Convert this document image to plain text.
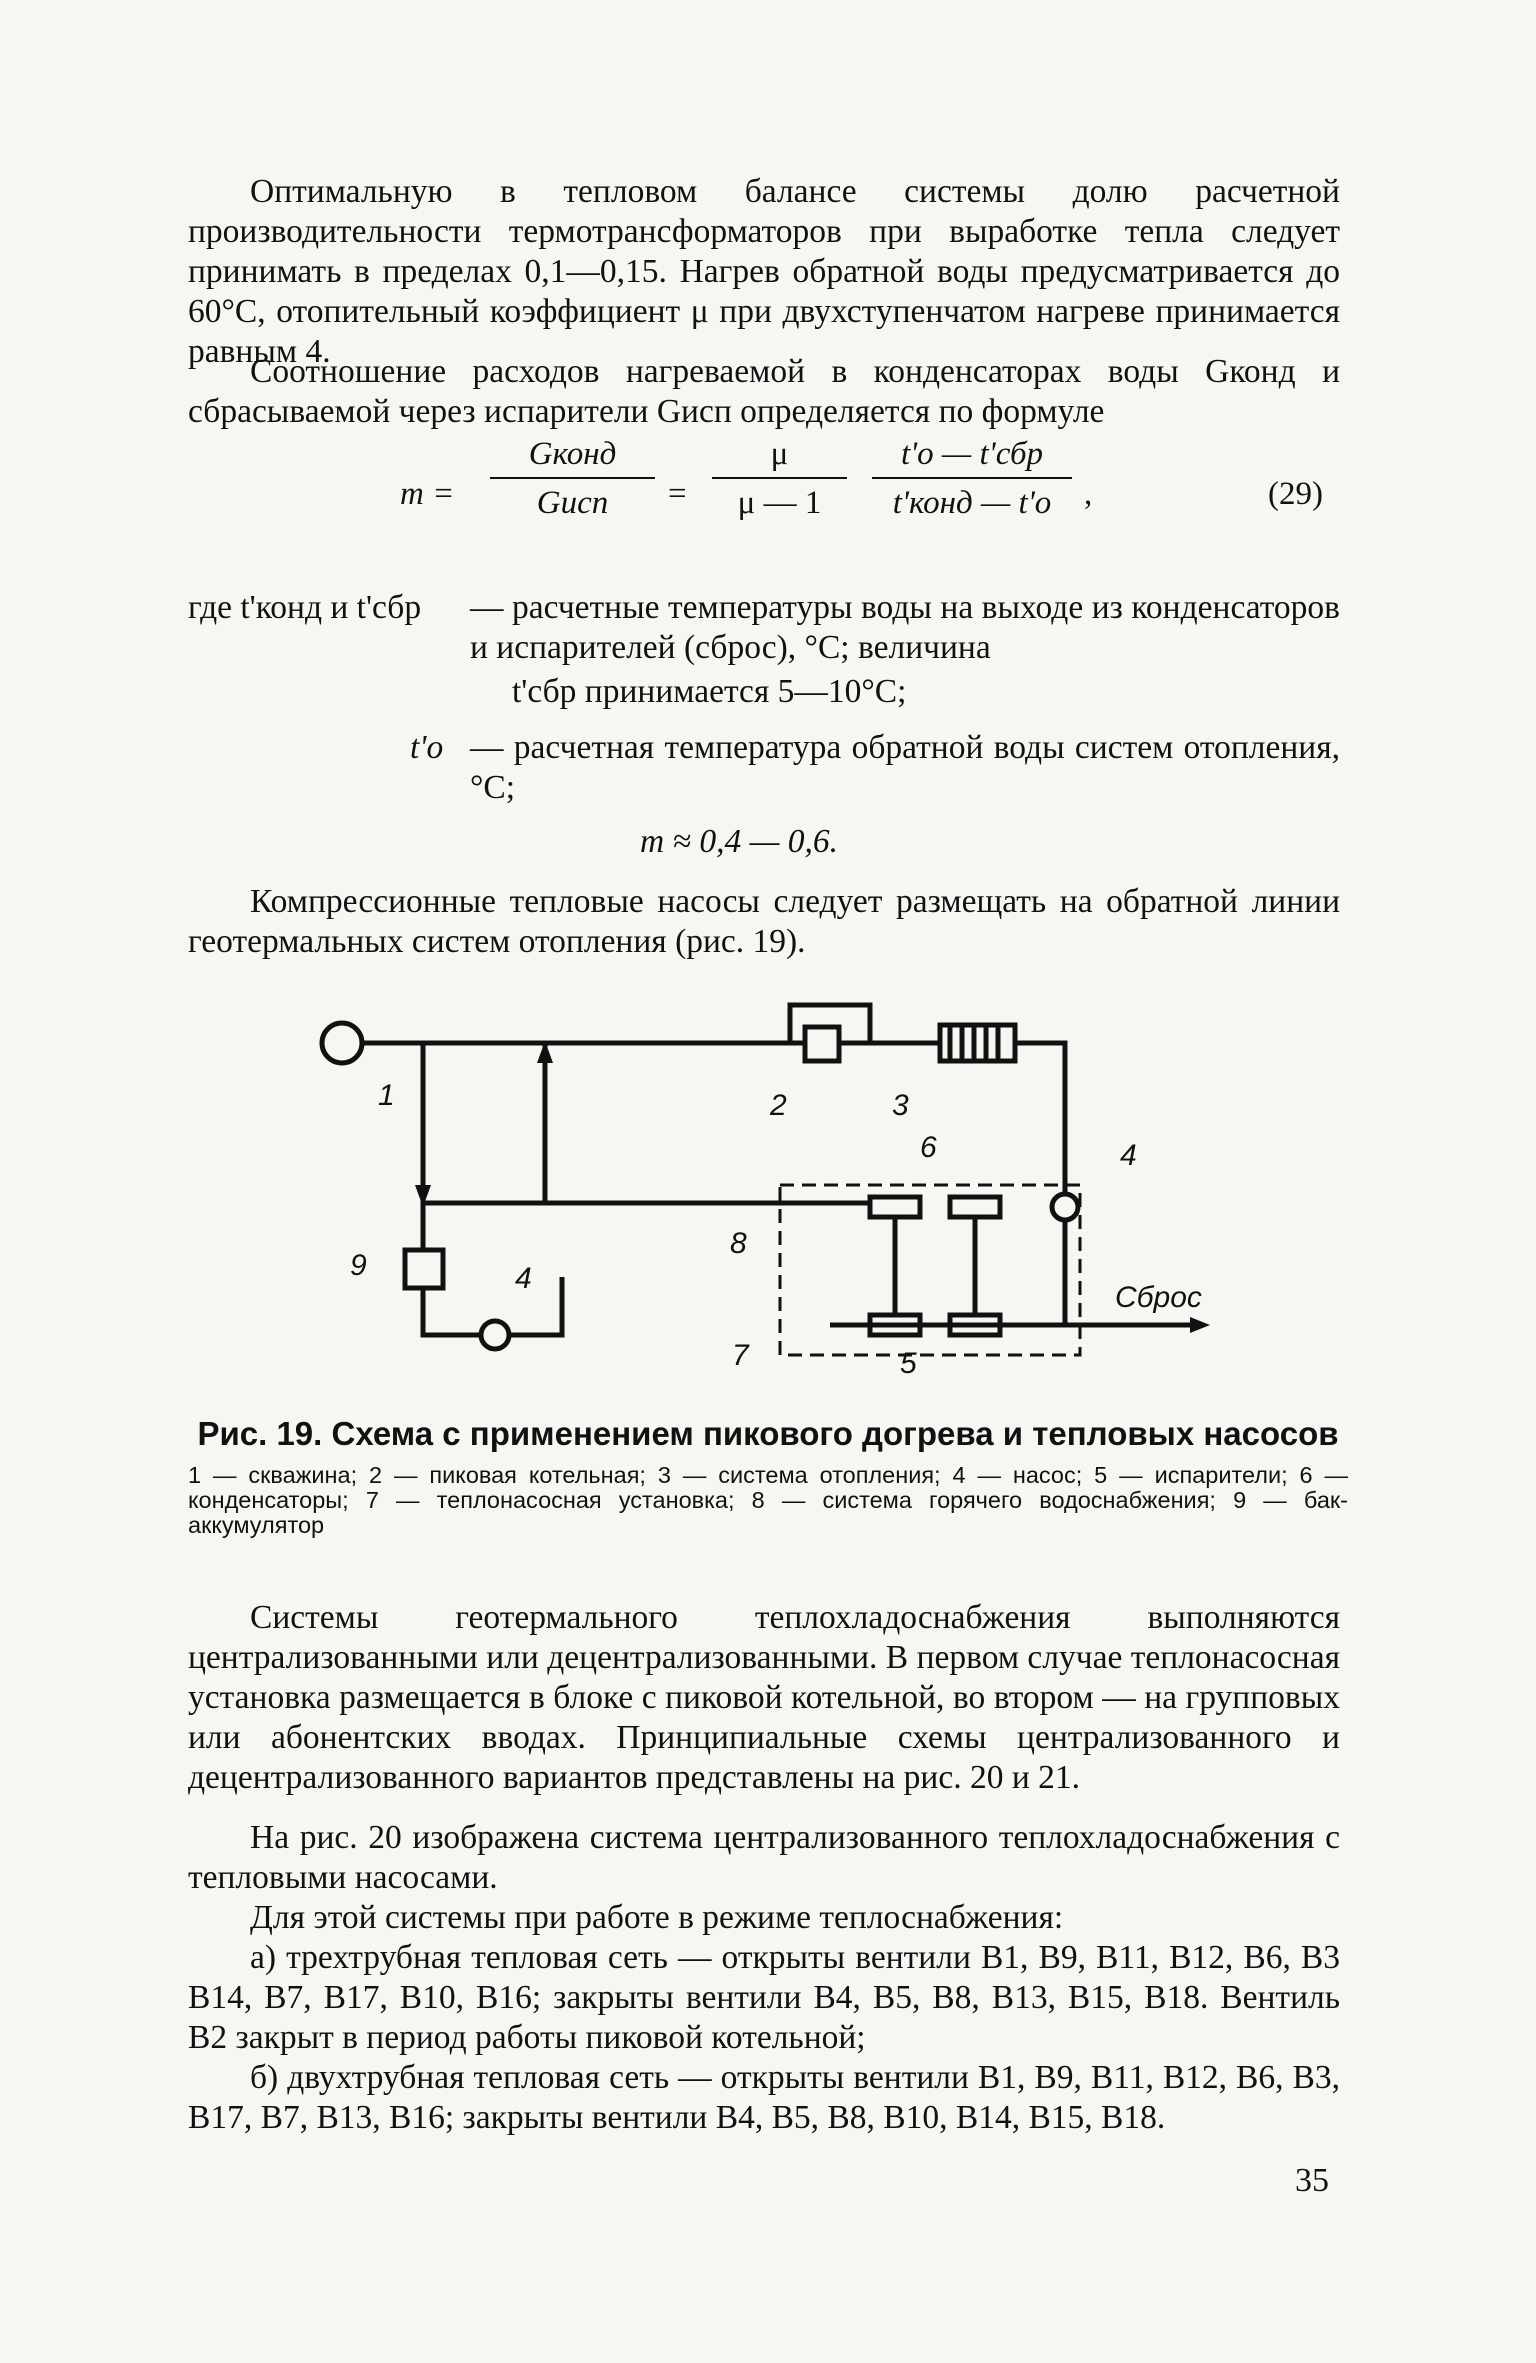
Оптимальную в тепловом балансе системы долю расчетной производительности термотрансформаторов при выработке тепла следует принимать в пределах 0,1—0,15. Нагрев обратной воды предусматривается до 60°С, отопительный коэффициент μ при двухступенчатом нагреве принимается равным 4.

Соотношение расходов нагреваемой в конденсаторах воды Gконд и сбрасываемой через испарители Gисп определяется по формуле

m =
Gконд
Gисп	= $\frac{\mu}{\mu — 1}$	t'о — t'сбр
t'конд — t'о ,	(29)
где t'конд и t'сбр	— расчетные температуры воды на выходе из конденсаторов и испарителей (сброс), °С; величина
t'сбр принимается 5—10°С;
t'о — расчетная температура обратной воды систем отопления, °С;
m ≈ 0,4 — 0,6.

Компрессионные тепловые насосы следует размещать на обратной линии геотермальных систем отопления (рис. 19).

1	2	3
4
6
8
9	4
7	5
Сброс
Рис. 19. Схема с применением пикового догрева и тепловых насосов
1 — скважина; 2 — пиковая котельная; 3 — система отопления; 4 — насос; 5 — испарители; 6 — конденсаторы; 7 — теплонасосная установка; 8 — система горячего водоснабжения; 9 — бак-аккумулятор

Системы геотермального теплохладоснабжения выполняются централизованными или децентрализованными. В первом случае теплонасосная установка размещается в блоке с пиковой котельной, во втором — на групповых или абонентских вводах. Принципиальные схемы централизованного и децентрализованного вариантов представлены на рис. 20 и 21.

На рис. 20 изображена система централизованного теплохладоснабжения с тепловыми насосами.

Для этой системы при работе в режиме теплоснабжения:

а) трехтрубная тепловая сеть — открыты вентили В1, В9, В11, В12, В6, В3 В14, В7, В17, В10, В16; закрыты вентили В4, В5, В8, В13, В15, В18. Вентиль В2 закрыт в период работы пиковой котельной;

б) двухтрубная тепловая сеть — открыты вентили В1, В9, В11, В12, В6, В3, В17, В7, В13, В16; закрыты вентили В4, В5, В8, В10, В14, В15, В18.

35
